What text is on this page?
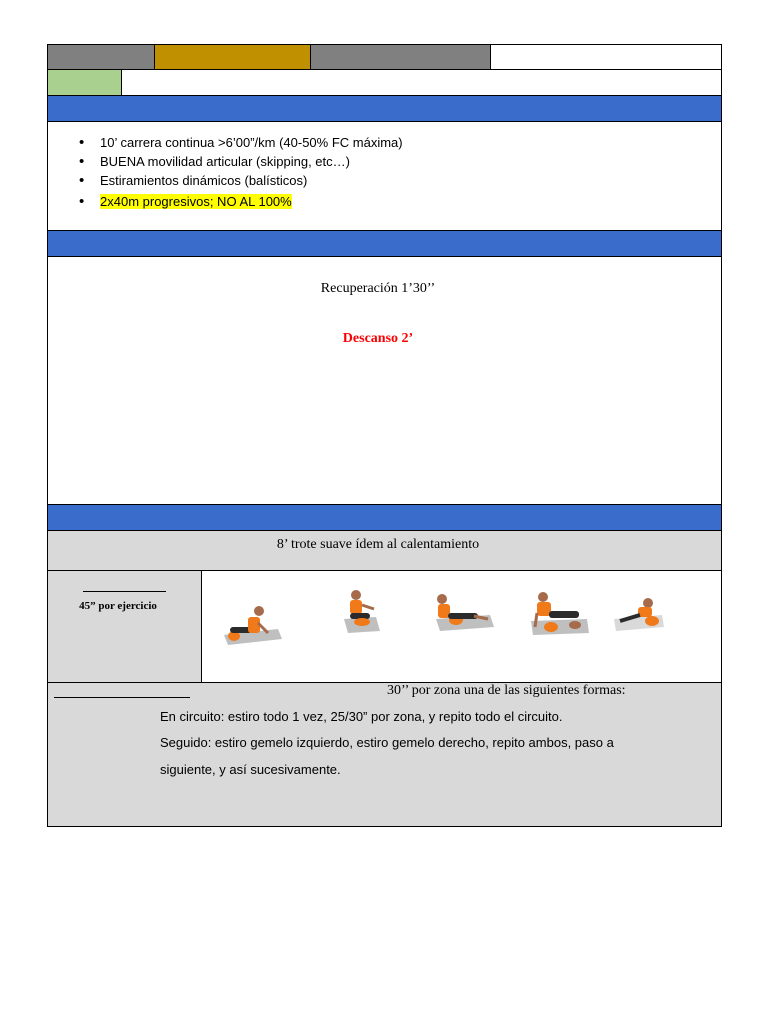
• 10’ carrera continua >6’00”/km (40-50% FC máxima)
• BUENA movilidad articular (skipping, etc…)
• Estiramientos dinámicos (balísticos)
• 2x40m progresivos; NO AL 100%
Recuperación 1’30’’
Descanso 2’
8’ trote suave ídem al calentamiento
45” por ejercicio
30’’ por zona una de las siguientes formas:
En circuito: estiro todo 1 vez, 25/30” por zona, y repito todo el circuito.
Seguido: estiro gemelo izquierdo, estiro gemelo derecho, repito ambos, paso a
siguiente, y así sucesivamente.
